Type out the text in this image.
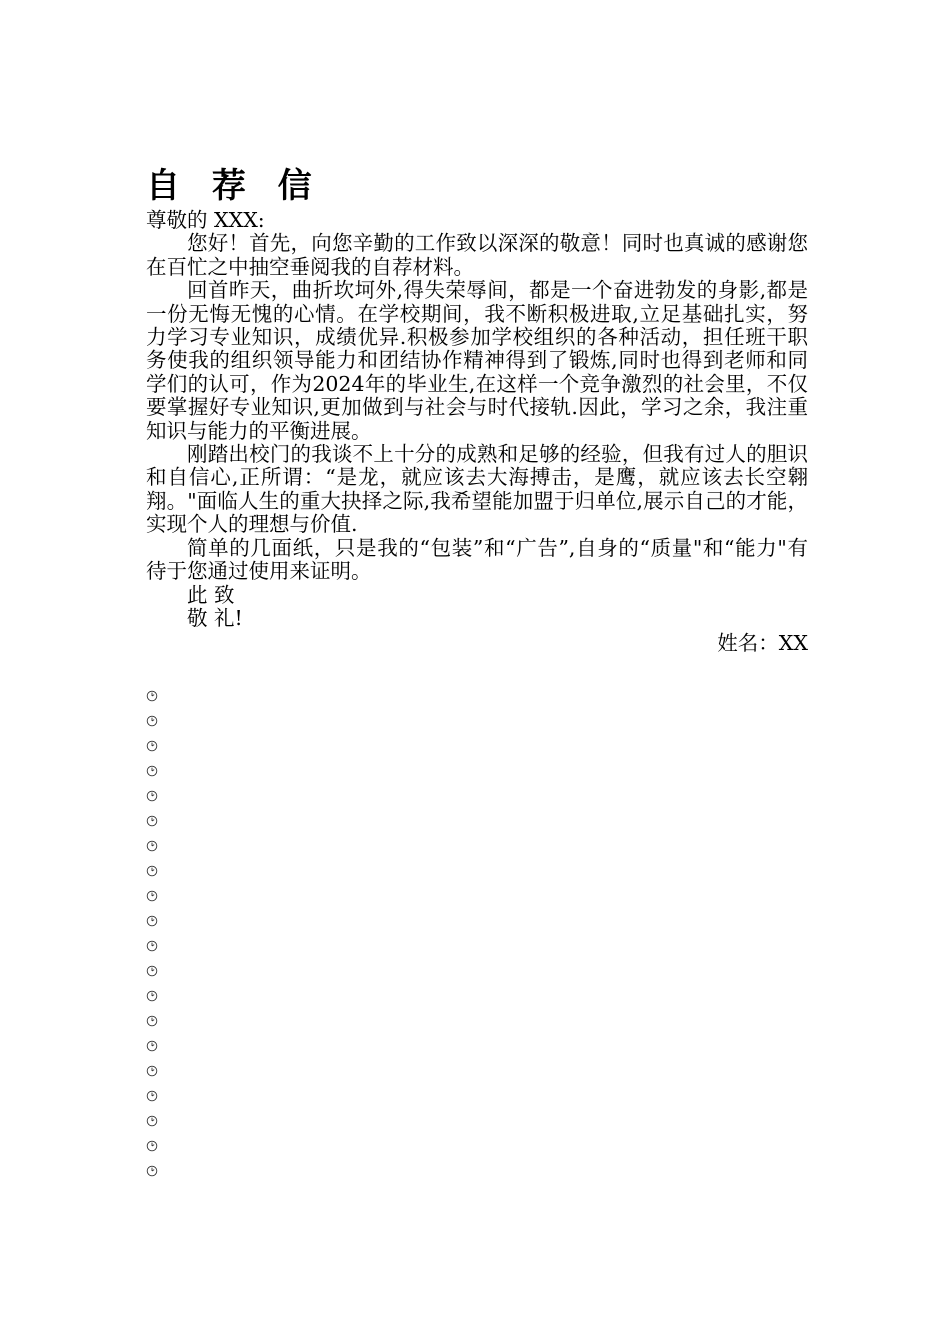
自 荐 信

尊敬的 XXX:

您好！首先，向您辛勤的工作致以深深的敬意！同时也真诚的感谢您在百忙之中抽空垂阅我的自荐材料。

回首昨天，曲折坎坷外,得失荣辱间，都是一个奋进勃发的身影,都是一份无悔无愧的心情。在学校期间，我不断积极进取,立足基础扎实，努力学习专业知识，成绩优异.积极参加学校组织的各种活动，担任班干职务使我的组织领导能力和团结协作精神得到了锻炼,同时也得到老师和同学们的认可，作为2024年的毕业生,在这样一个竞争激烈的社会里，不仅要掌握好专业知识,更加做到与社会与时代接轨.因此，学习之余，我注重知识与能力的平衡进展。

刚踏出校门的我谈不上十分的成熟和足够的经验，但我有过人的胆识和自信心,正所谓：“是龙，就应该去大海搏击，是鹰，就应该去长空翱翔。"面临人生的重大抉择之际,我希望能加盟于归单位,展示自己的才能，实现个人的理想与价值.

简单的几面纸，只是我的“包装”和“广告”,自身的“质量"和“能力"有待于您通过使用来证明。

此 致

敬 礼!

姓名：XX
